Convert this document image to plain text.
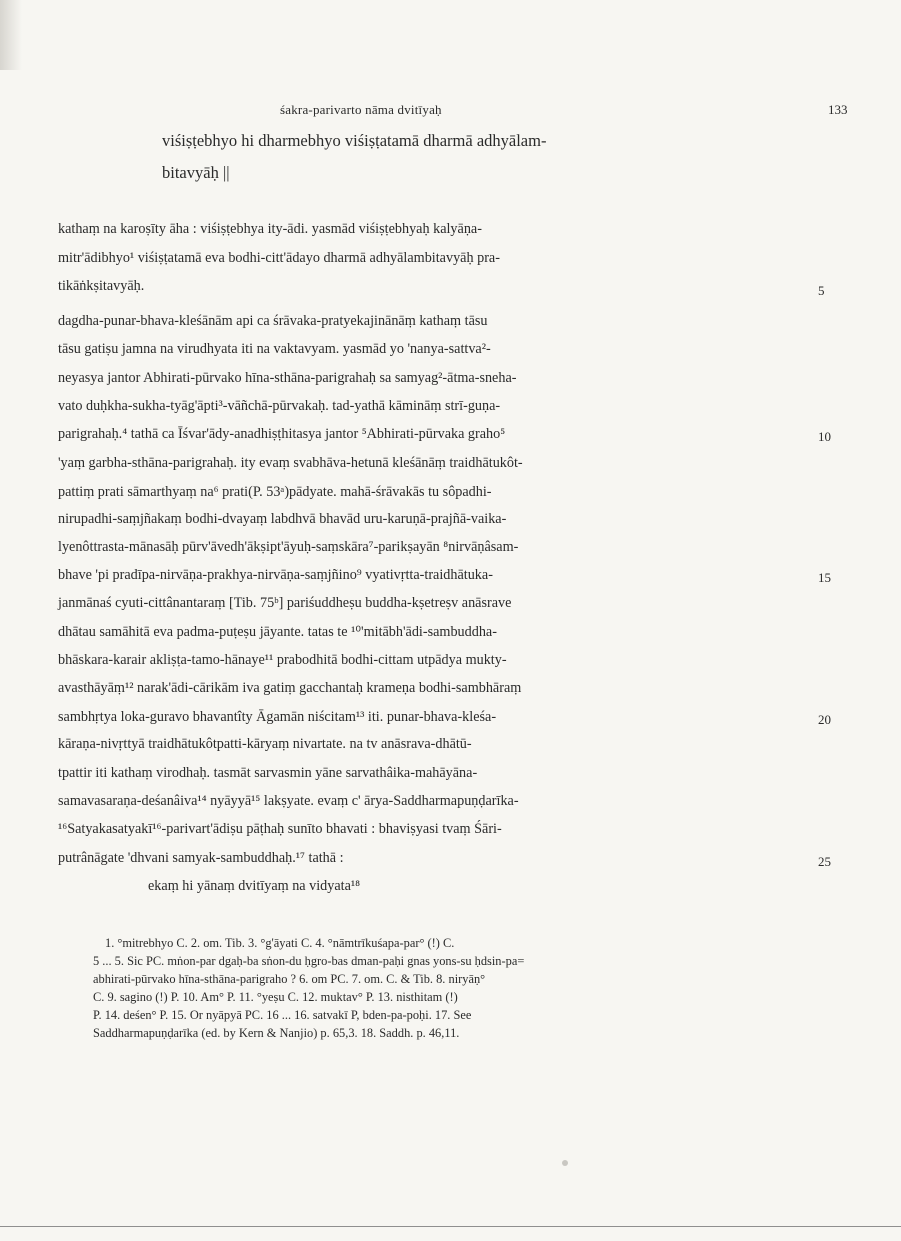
śakra-parivarto nāma dvitīyaḥ	133
viśiṣṭebhyo hi dharmebhyo viśiṣṭatamā dharmā adhyālam-
bitavyāḥ ||
kathaṃ na karoṣīty āha : viśiṣṭebhya ity-ādi. yasmād viśiṣṭebhyaḥ kalyāṇa-
mitr'ādibhyo¹ viśiṣṭatamā eva bodhi-citt'ādayo dharmā adhyālambitavyāḥ pra-
tikāṅkṣitavyāḥ.
dagdha-punar-bhava-kleśānām api ca śrāvaka-pratyekajinānāṃ kathaṃ tāsu
tāsu gatiṣu jamna na virudhyata iti na vaktavyam. yasmād yo 'nanya-sattva²-
neyasya jantor Abhirati-pūrvako hīna-sthāna-parigrahaḥ sa samyag²-ātma-sneha-
vato duḥkha-sukha-tyāg'āpti³-vāñchā-pūrvakaḥ. tad-yathā kāmināṃ strī-guṇa-
parigrahaḥ.⁴ tathā ca Īśvar'ādy-anadhiṣṭhitasya jantor ⁵Abhirati-pūrvaka graho⁵
'yaṃ garbha-sthāna-parigrahaḥ. ity evaṃ svabhāva-hetunā kleśānāṃ traidhātukôt-
pattiṃ prati sāmarthyaṃ na⁶ prati(P. 53ᵃ)pādyate. mahā-śrāvakās tu sôpadhi-
nirupadhi-saṃjñakaṃ bodhi-dvayaṃ labdhvā bhavād uru-karuṇā-prajñā-vaika-
lyenôttrasta-mānasāḥ pūrv'āvedh'ākṣipt'āyuḥ-saṃskāra⁷-parikṣayān ⁸nirvāṇâsam-
bhave 'pi pradīpa-nirvāṇa-prakhya-nirvāṇa-saṃjñino⁹ vyativṛtta-traidhātuka-
janmānaś cyuti-cittânantaraṃ [Tib. 75ᵇ] pariśuddheṣu buddha-kṣetreṣv anāsrave
dhātau samāhitā eva padma-puṭeṣu jāyante. tatas te ¹⁰'mitābh'ādi-sambuddha-
bhāskara-karair akliṣṭa-tamo-hānaye¹¹ prabodhitā bodhi-cittam utpādya mukty-
avasthāyāṃ¹² narak'ādi-cārikām iva gatiṃ gacchantaḥ krameṇa bodhi-sambhāraṃ
sambhṛtya loka-guravo bhavantîty Āgamān niścitam¹³ iti. punar-bhava-kleśa-
kāraṇa-nivṛttyā traidhātukôtpatti-kāryaṃ nivartate. na tv anāsrava-dhātū-
tpattir iti kathaṃ virodhaḥ. tasmāt sarvasmin yāne sarvathâika-mahāyāna-
samavasaraṇa-deśanâiva¹⁴ nyāyyā¹⁵ lakṣyate. evaṃ c' ārya-Saddharmapuṇḍarīka-
¹⁶Satyakasatyakī¹⁶-parivart'ādiṣu pāṭhaḥ sunīto bhavati : bhaviṣyasi tvaṃ Śāri-
putrânāgate 'dhvani samyak-sambuddhaḥ.¹⁷ tathā :
ekaṃ hi yānaṃ dvitīyaṃ na vidyata¹⁸
5
10
15
20
25
1. °mitrebhyo C. 2. om. Tib. 3. °g'āyati C. 4. °nāmtrīkuśapa-par° (!) C.
5 ... 5. Sic PC. mṅon-par dgaḥ-ba sṅon-du ḥgro-bas dman-paḥi gnas yons-su ḥdsin-pa=
abhirati-pūrvako hīna-sthāna-parigraho ? 6. om PC. 7. om. C. & Tib. 8. niryāṇ°
C. 9. sagino (!) P. 10. Am° P. 11. °yeṣu C. 12. muktav° P. 13. nisthitam (!)
P. 14. deśen° P. 15. Or nyāpyā PC. 16 ... 16. satvakī P, bden-pa-poḥi. 17. See
Saddharmapuṇḍarīka (ed. by Kern & Nanjio) p. 65,3. 18. Saddh. p. 46,11.
